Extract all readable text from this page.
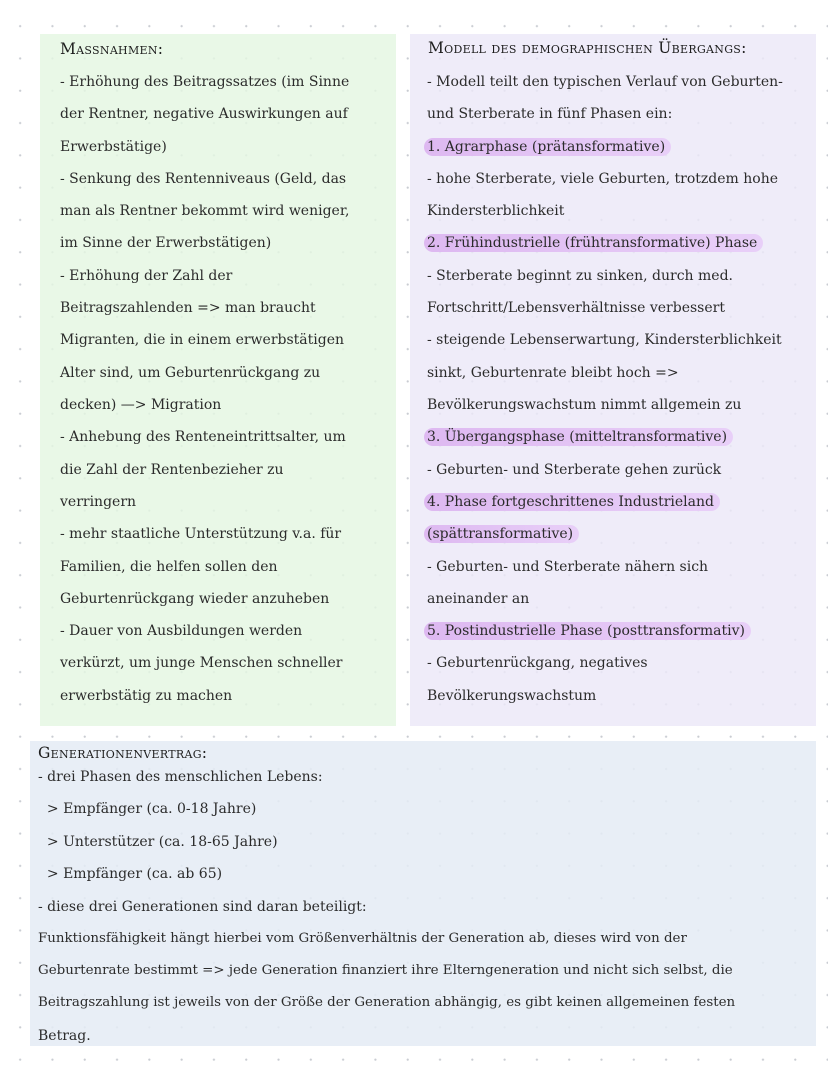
Massnahmen:
- Erhöhung des Beitragssatzes (im Sinne
der Rentner, negative Auswirkungen auf
Erwerbstätige)
- Senkung des Rentenniveaus (Geld, das
man als Rentner bekommt wird weniger,
im Sinne der Erwerbstätigen)
- Erhöhung der Zahl der
Beitragszahlenden => man braucht
Migranten, die in einem erwerbstätigen
Alter sind, um Geburtenrückgang zu
decken) —> Migration
- Anhebung des Renteneintrittsalter, um
die Zahl der Rentenbezieher zu
verringern
- mehr staatliche Unterstützung v.a. für
Familien, die helfen sollen den
Geburtenrückgang wieder anzuheben
- Dauer von Ausbildungen werden
verkürzt, um junge Menschen schneller
erwerbstätig zu machen
Modell des demographischen Übergangs:
- Modell teilt den typischen Verlauf von Geburten-
und Sterberate in fünf Phasen ein:
1. Agrarphase (prätansformative)
- hohe Sterberate, viele Geburten, trotzdem hohe
Kindersterblichkeit
2. Frühindustrielle (frühtransformative) Phase
- Sterberate beginnt zu sinken, durch med.
Fortschritt/Lebensverhältnisse verbessert
- steigende Lebenserwartung, Kindersterblichkeit
sinkt, Geburtenrate bleibt hoch =>
Bevölkerungswachstum nimmt allgemein zu
3. Übergangsphase (mitteltransformative)
- Geburten- und Sterberate gehen zurück
4. Phase fortgeschrittenes Industrieland
(spättransformative)
- Geburten- und Sterberate nähern sich
aneinander an
5. Postindustrielle Phase (posttransformativ)
- Geburtenrückgang, negatives
Bevölkerungswachstum
Generationenvertrag:
- drei Phasen des menschlichen Lebens:
> Empfänger (ca. 0-18 Jahre)
> Unterstützer (ca. 18-65 Jahre)
> Empfänger (ca. ab 65)
- diese drei Generationen sind daran beteiligt:
Funktionsfähigkeit hängt hierbei vom Größenverhältnis der Generation ab, dieses wird von der
Geburtenrate bestimmt => jede Generation finanziert ihre Elterngeneration und nicht sich selbst, die
Beitragszahlung ist jeweils von der Größe der Generation abhängig, es gibt keinen allgemeinen festen
Betrag.
